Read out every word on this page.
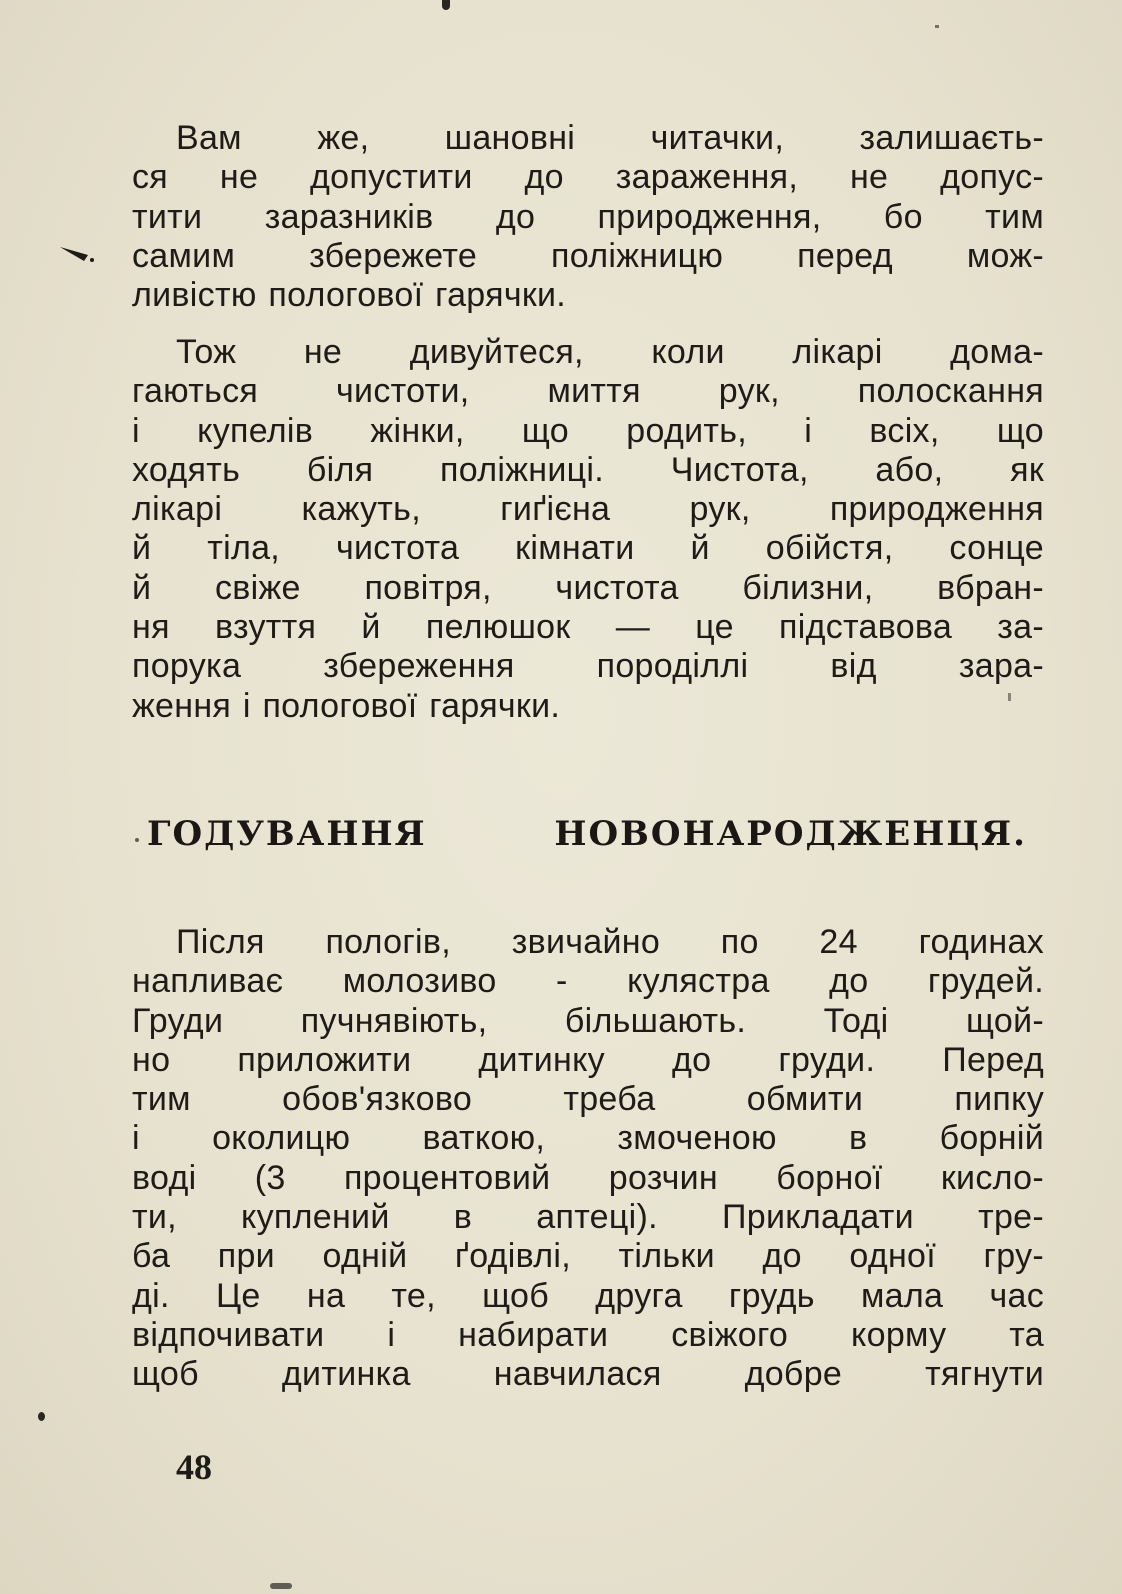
Вам же, шановні читачки, залишаєть-
ся не допустити до зараження, не допус-
тити заразників до природження, бо тим
самим збережете поліжницю перед мож-
ливістю пологової гарячки.
Тож не дивуйтеся, коли лікарі дома-
гаються чистоти, миття рук, полоскання
і купелів жінки, що родить, і всіх, що
ходять біля поліжниці. Чистота, або, як
лікарі кажуть, гиґієна рук, природження
й тіла, чистота кімнати й обійстя, сонце
й свіже повітря, чистота білизни, вбран-
ня взуття й пелюшок — це підставова за-
порука збереження породіллі від зара-
ження і пологової гарячки.
ГОДУВАННЯ	НОВОНАРОДЖЕНЦЯ.
Після пологів, звичайно по 24 годинах
напливає молозиво - кулястра до грудей.
Груди пучнявіють, більшають. Тоді щой-
но приложити дитинку до груди. Перед
тим обов'язково треба обмити пипку
і околицю ваткою, змоченою в борній
воді (3 процентовий розчин борної кисло-
ти, куплений в аптеці). Прикладати тре-
ба при одній ґодівлі, тільки до одної гру-
ді. Це на те, щоб друга грудь мала час
відпочивати і набирати свіжого корму та
щоб дитинка навчилася добре тягнути
48
